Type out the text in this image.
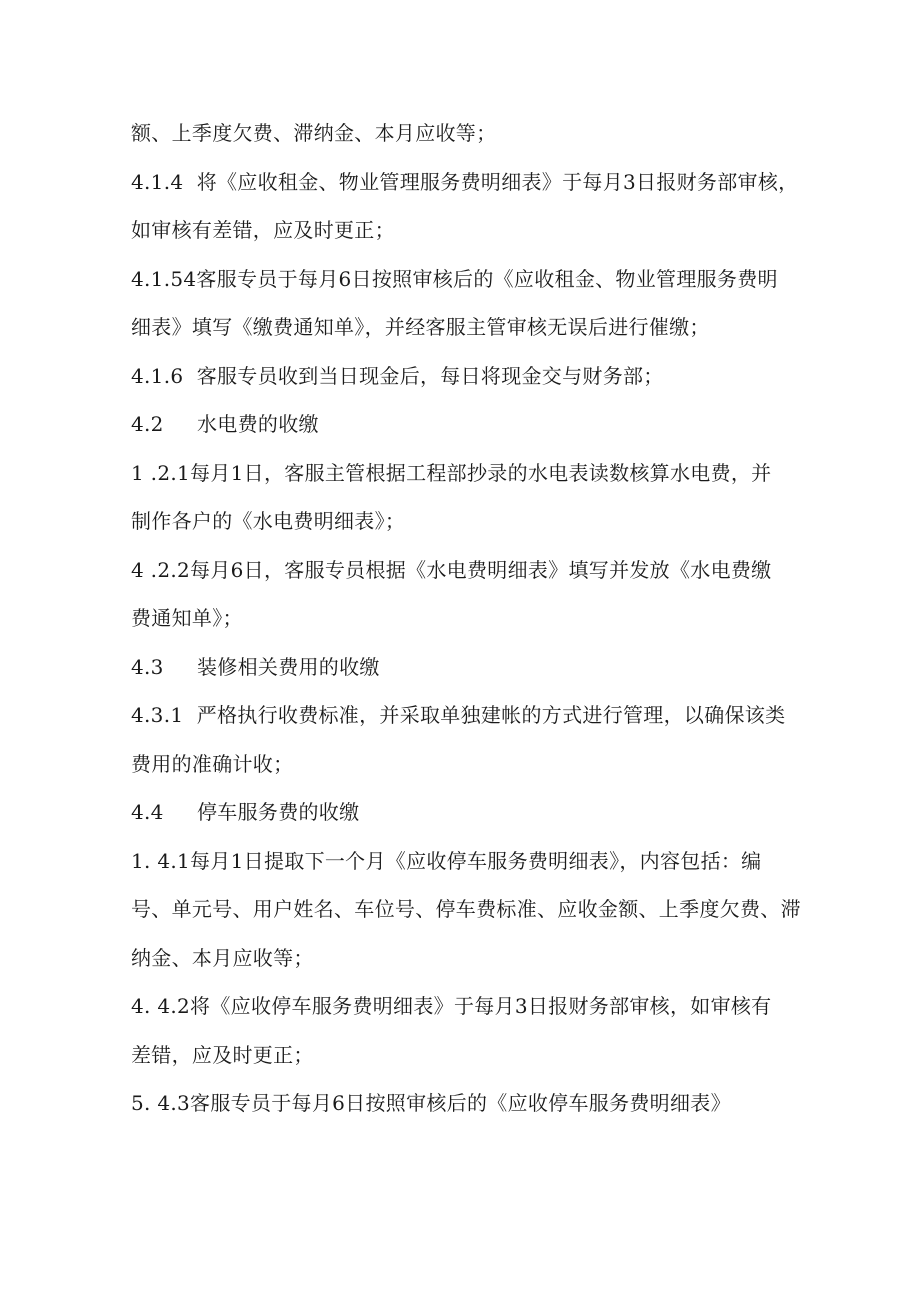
额、上季度欠费、滞纳金、本月应收等；
4.1.4  将《应收租金、物业管理服务费明细表》于每月3日报财务部审核，
如审核有差错，应及时更正；
4.1.54客服专员于每月6日按照审核后的《应收租金、物业管理服务费明
细表》填写《缴费通知单》，并经客服主管审核无误后进行催缴；
4.1.6  客服专员收到当日现金后，每日将现金交与财务部；
4.2     水电费的收缴
1 .2.1每月1日，客服主管根据工程部抄录的水电表读数核算水电费，并
制作各户的《水电费明细表》；
4 .2.2每月6日，客服专员根据《水电费明细表》填写并发放《水电费缴
费通知单》；
4.3     装修相关费用的收缴
4.3.1  严格执行收费标准，并采取单独建帐的方式进行管理，以确保该类
费用的准确计收；
4.4     停车服务费的收缴
1. 4.1每月1日提取下一个月《应收停车服务费明细表》，内容包括：编
号、单元号、用户姓名、车位号、停车费标准、应收金额、上季度欠费、滞
纳金、本月应收等；
4. 4.2将《应收停车服务费明细表》于每月3日报财务部审核，如审核有
差错，应及时更正；
5. 4.3客服专员于每月6日按照审核后的《应收停车服务费明细表》
